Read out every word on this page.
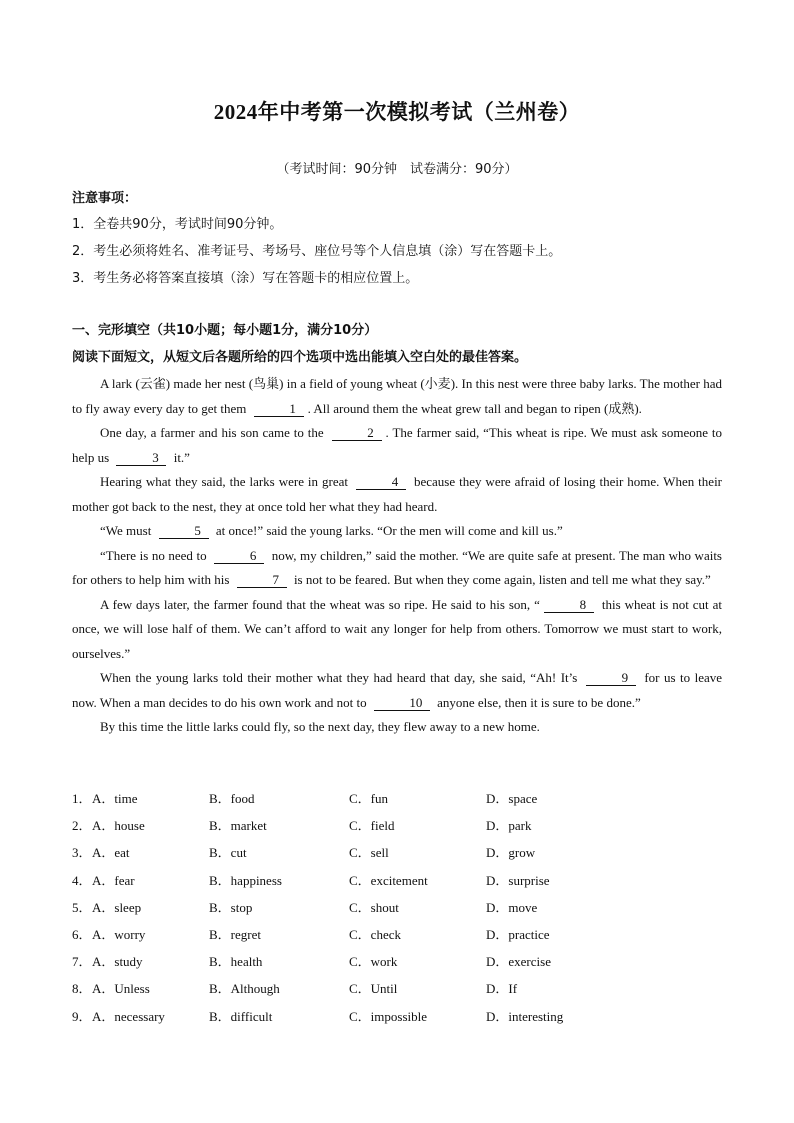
2024年中考第一次模拟考试（兰州卷）
（考试时间：90分钟　试卷满分：90分）
注意事项：
1．全卷共90分，考试时间90分钟。
2．考生必须将姓名、准考证号、考场号、座位号等个人信息填（涂）写在答题卡上。
3．考生务必将答案直接填（涂）写在答题卡的相应位置上。
一、完形填空（共10小题；每小题1分，满分10分）
阅读下面短文，从短文后各题所给的四个选项中选出能填入空白处的最佳答案。

A lark (云雀) made her nest (鸟巢) in a field of young wheat (小麦). In this nest were three baby larks. The mother had to fly away every day to get them	1 . All around them the wheat grew tall and began to ripen (成熟).

One day, a farmer and his son came to the	2 . The farmer said, “This wheat is ripe. We must ask someone to help us	3 it.”

Hearing what they said, the larks were in great	4 because they were afraid of losing their home. When their mother got back to the nest, they at once told her what they had heard.

“We must	5 at once!” said the young larks. “Or the men will come and kill us.”

“There is no need to	6 now, my children,” said the mother. “We are quite safe at present. The man who waits for others to help him with his	7 is not to be feared. But when they come again, listen and tell me what they say.”

A few days later, the farmer found that the wheat was so ripe. He said to his son, “	8 this wheat is not cut at once, we will lose half of them. We can’t afford to wait any longer for help from others. Tomorrow we must start to work, ourselves.”

When the young larks told their mother what they had heard that day, she said, “Ah! It’s	9 for us to leave now. When a man decides to do his own work and not to	10 anyone else, then it is sure to be done.”

By this time the little larks could fly, so the next day, they flew away to a new home.

1． A．time	B．food	C．fun	D．space
2． A．house	B．market	C．field	D．park
3． A．eat	B．cut	C．sell	D．grow
4． A．fear	B．happiness	C．excitement	D．surprise
5． A．sleep	B．stop	C．shout	D．move
6． A．worry	B．regret	C．check	D．practice
7． A．study	B．health	C．work	D．exercise
8． A．Unless	B．Although	C．Until	D．If
9． A．necessary	B．difficult	C．impossible	D．interesting
